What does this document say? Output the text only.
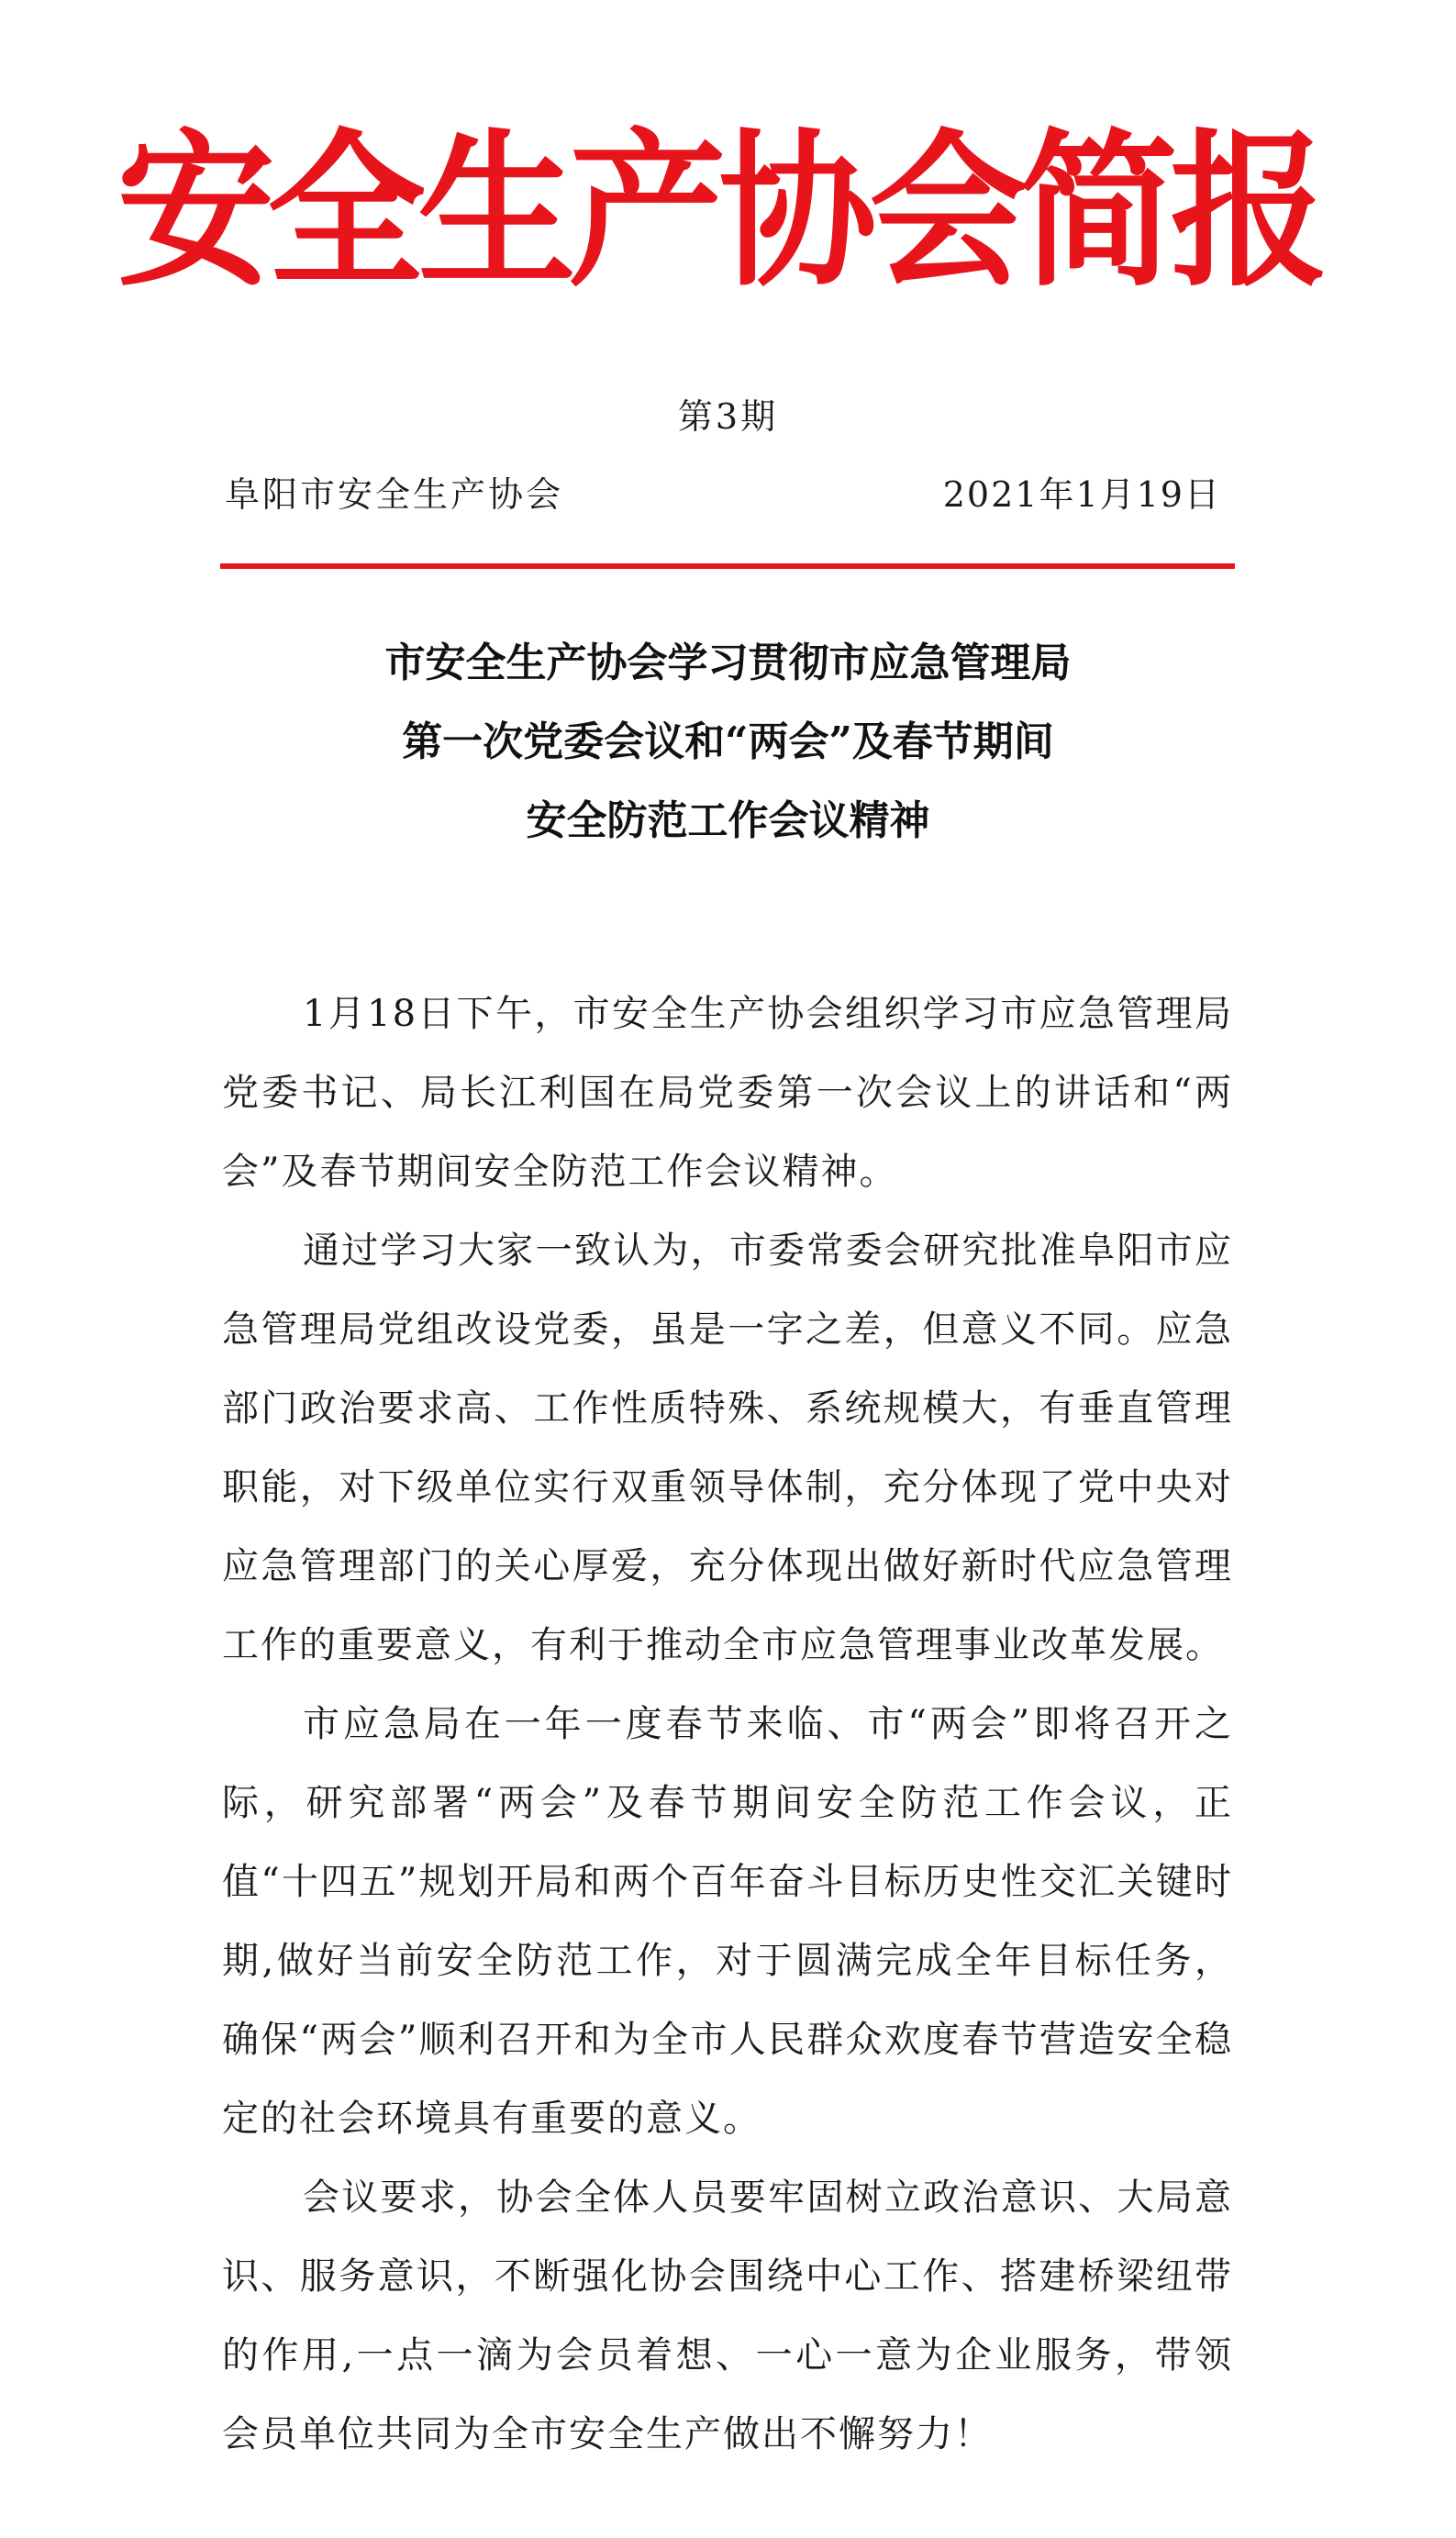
安全生产协会简报
第3期
阜阳市安全生产协会	2021年1月19日
市安全生产协会学习贯彻市应急管理局
第一次党委会议和“两会”及春节期间
安全防范工作会议精神

1月18日下午，市安全生产协会组织学习市应急管理局党委书记、局长江利国在局党委第一次会议上的讲话和“两会”及春节期间安全防范工作会议精神。

通过学习大家一致认为，市委常委会研究批准阜阳市应急管理局党组改设党委，虽是一字之差，但意义不同。应急部门政治要求高、工作性质特殊、系统规模大，有垂直管理职能，对下级单位实行双重领导体制，充分体现了党中央对应急管理部门的关心厚爱，充分体现出做好新时代应急管理工作的重要意义，有利于推动全市应急管理事业改革发展。

市应急局在一年一度春节来临、市“两会”即将召开之际，研究部署“两会”及春节期间安全防范工作会议，正值“十四五”规划开局和两个百年奋斗目标历史性交汇关键时期,做好当前安全防范工作，对于圆满完成全年目标任务，确保“两会”顺利召开和为全市人民群众欢度春节营造安全稳定的社会环境具有重要的意义。

会议要求，协会全体人员要牢固树立政治意识、大局意识、服务意识，不断强化协会围绕中心工作、搭建桥梁纽带的作用,一点一滴为会员着想、一心一意为企业服务，带领会员单位共同为全市安全生产做出不懈努力！
